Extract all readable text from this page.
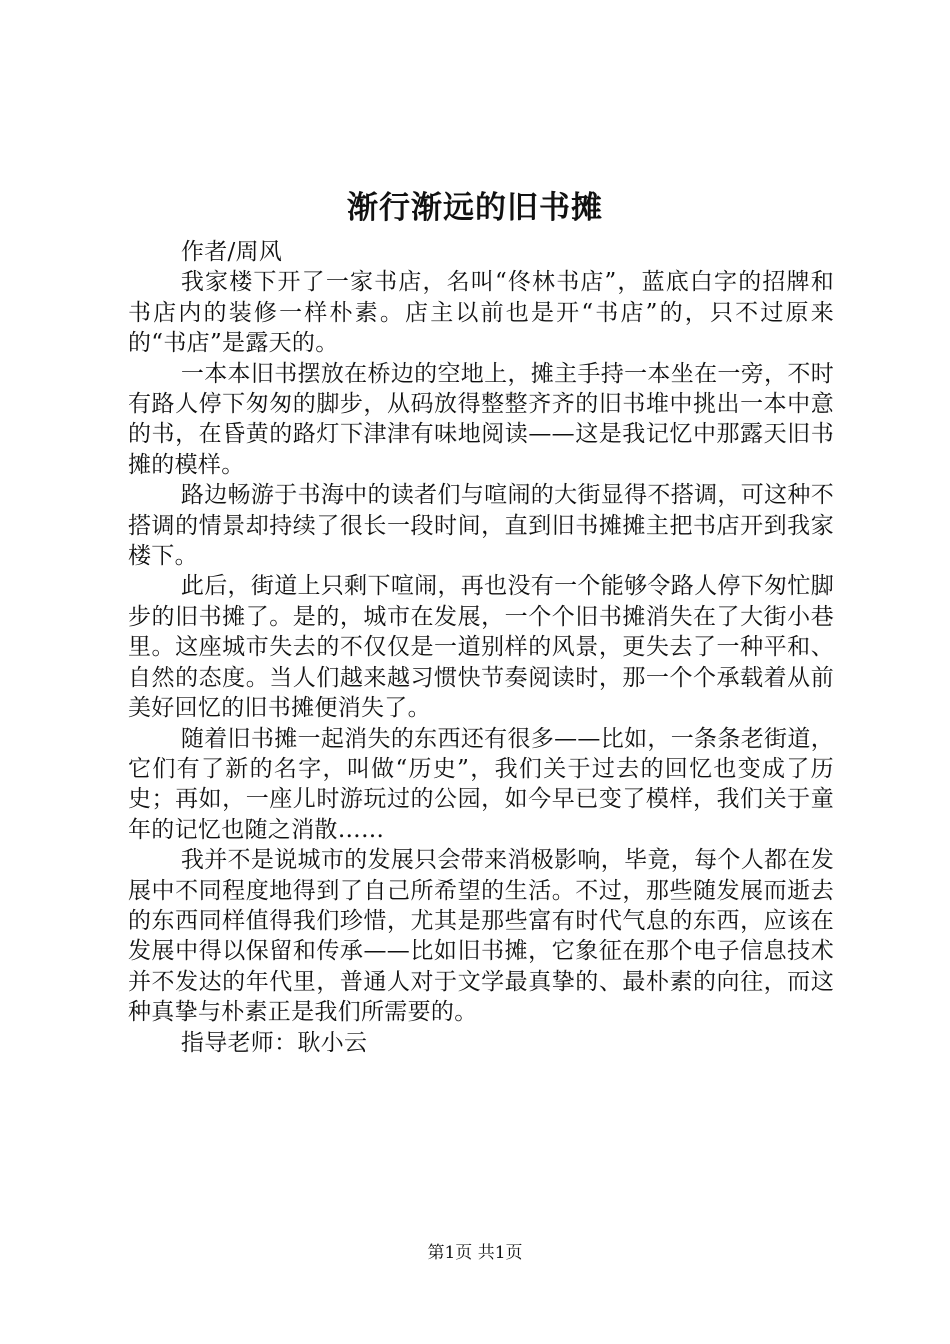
渐行渐远的旧书摊

作者/周风

我家楼下开了一家书店，名叫“佟林书店”，蓝底白字的招牌和书店内的装修一样朴素。店主以前也是开“书店”的，只不过原来的“书店”是露天的。

一本本旧书摆放在桥边的空地上，摊主手持一本坐在一旁，不时有路人停下匆匆的脚步，从码放得整整齐齐的旧书堆中挑出一本中意的书，在昏黄的路灯下津津有味地阅读——这是我记忆中那露天旧书摊的模样。

路边畅游于书海中的读者们与喧闹的大街显得不搭调，可这种不搭调的情景却持续了很长一段时间，直到旧书摊摊主把书店开到我家楼下。

此后，街道上只剩下喧闹，再也没有一个能够令路人停下匆忙脚步的旧书摊了。是的，城市在发展，一个个旧书摊消失在了大街小巷里。这座城市失去的不仅仅是一道别样的风景，更失去了一种平和、自然的态度。当人们越来越习惯快节奏阅读时，那一个个承载着从前美好回忆的旧书摊便消失了。

随着旧书摊一起消失的东西还有很多——比如，一条条老街道，它们有了新的名字，叫做“历史”，我们关于过去的回忆也变成了历史；再如，一座儿时游玩过的公园，如今早已变了模样，我们关于童年的记忆也随之消散……

我并不是说城市的发展只会带来消极影响，毕竟，每个人都在发展中不同程度地得到了自己所希望的生活。不过，那些随发展而逝去的东西同样值得我们珍惜，尤其是那些富有时代气息的东西，应该在发展中得以保留和传承——比如旧书摊，它象征在那个电子信息技术并不发达的年代里，普通人对于文学最真挚的、最朴素的向往，而这种真挚与朴素正是我们所需要的。

指导老师：耿小云

第1页 共1页
